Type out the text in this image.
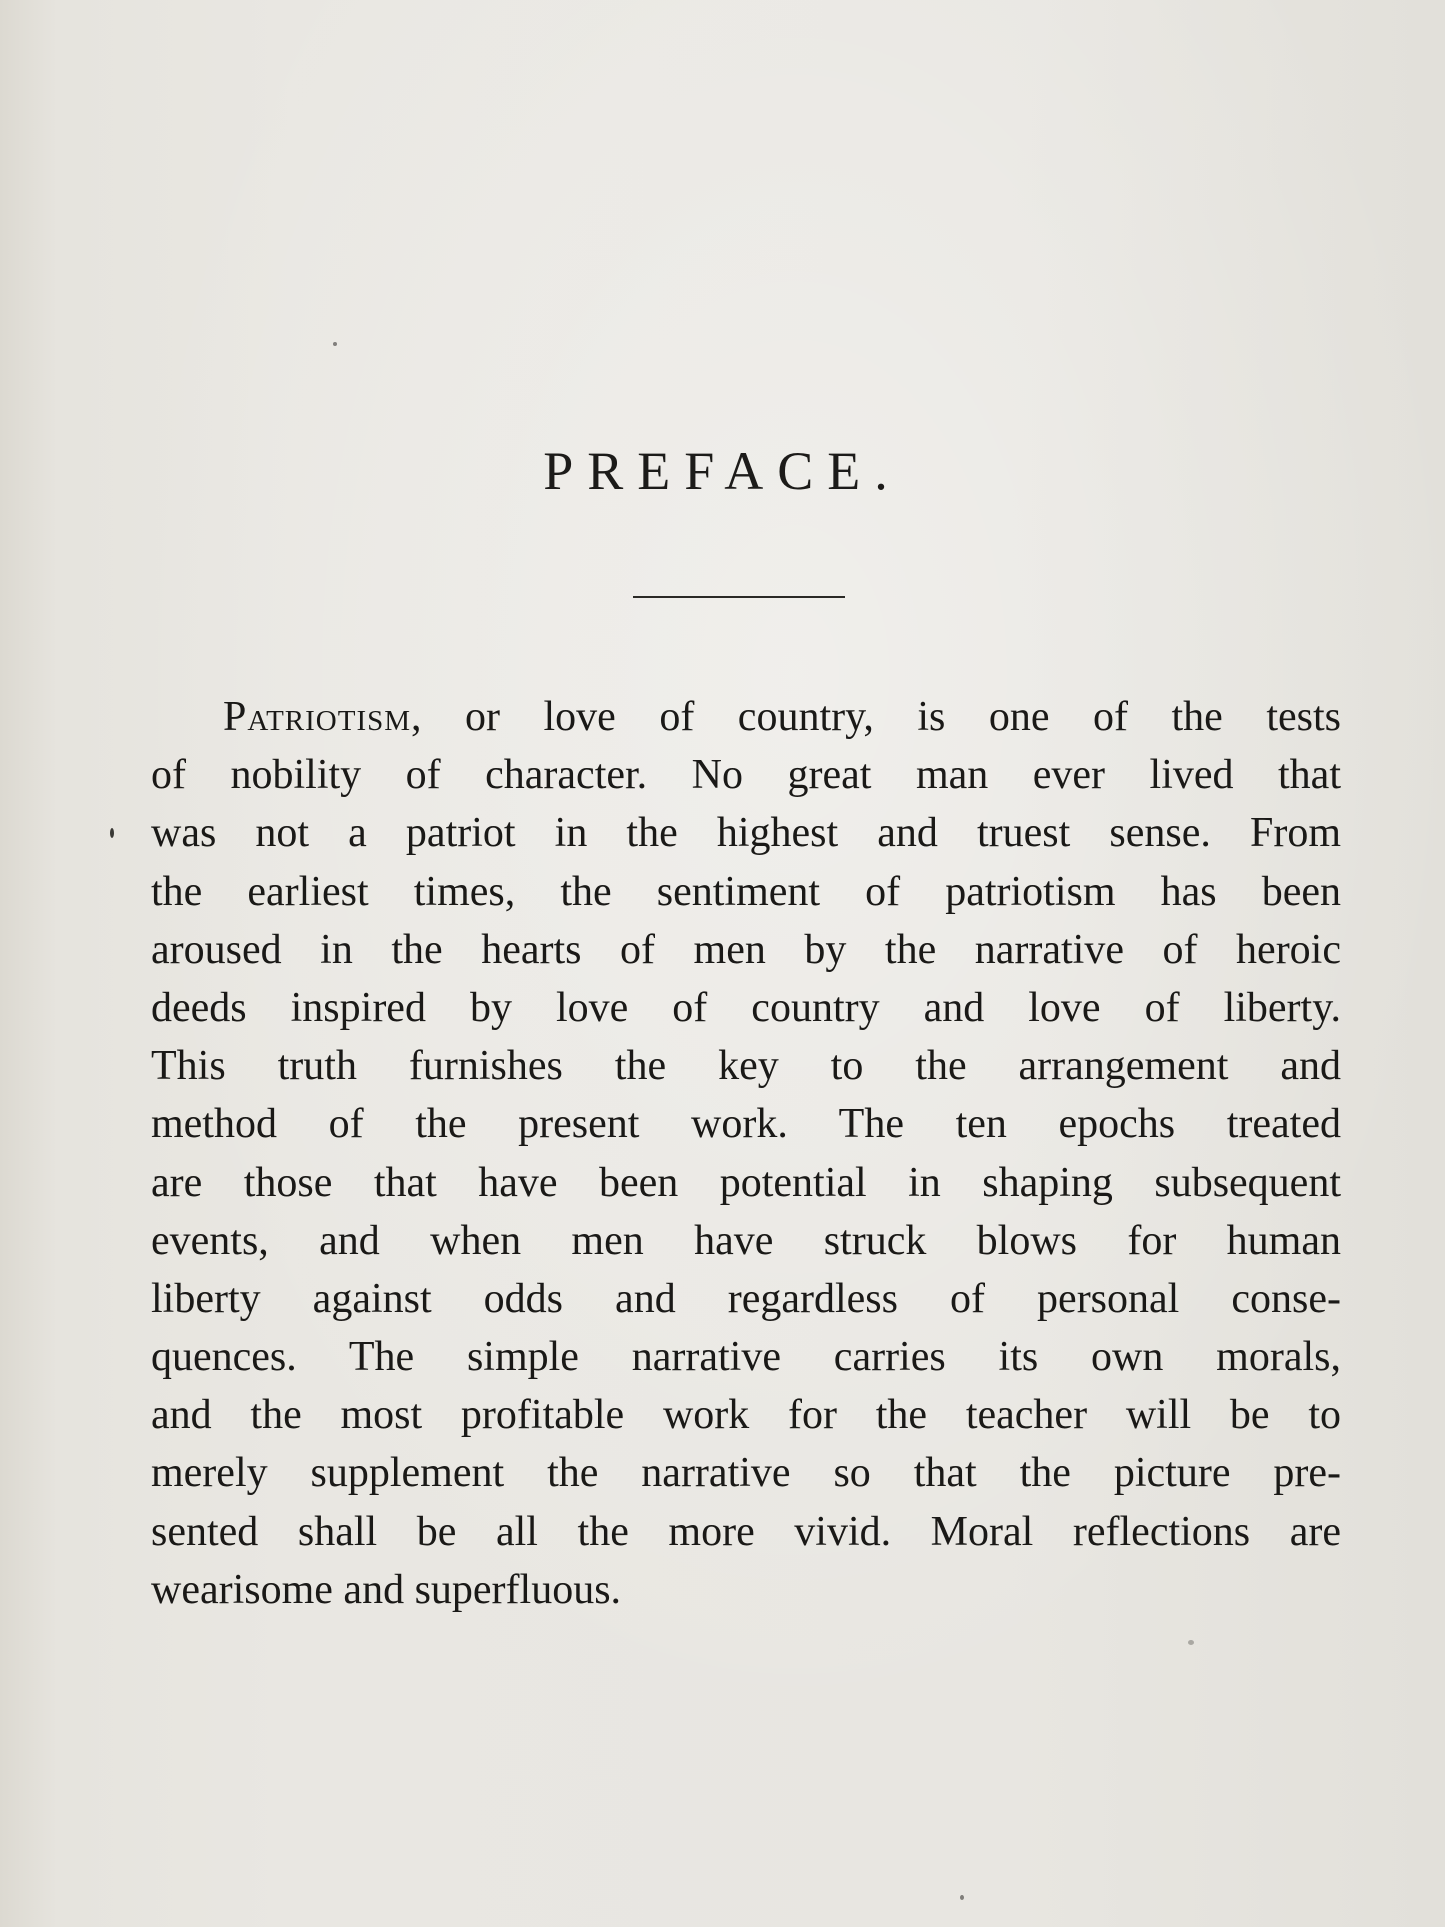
PREFACE.
Patriotism, or love of country, is one of the tests
of nobility of character. No great man ever lived that
was not a patriot in the highest and truest sense. From
the earliest times, the sentiment of patriotism has been
aroused in the hearts of men by the narrative of heroic
deeds inspired by love of country and love of liberty.
This truth furnishes the key to the arrangement and
method of the present work. The ten epochs treated
are those that have been potential in shaping subsequent
events, and when men have struck blows for human
liberty against odds and regardless of personal conse-
quences. The simple narrative carries its own morals,
and the most profitable work for the teacher will be to
merely supplement the narrative so that the picture pre-
sented shall be all the more vivid. Moral reflections are
wearisome and superfluous.
